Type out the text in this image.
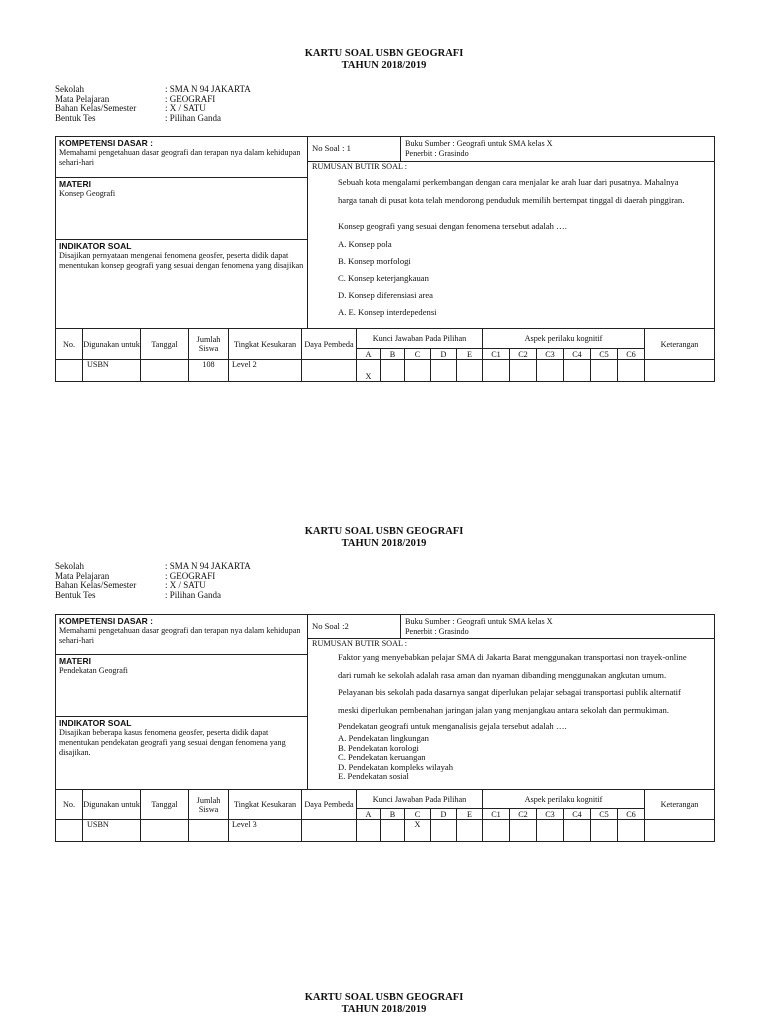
KARTU SOAL USBN GEOGRAFI
TAHUN 2018/2019
Sekolah	: SMA N 94 JAKARTA
Mata Pelajaran	: GEOGRAFI
Bahan Kelas/Semester	: X / SATU
Bentuk Tes	: Pilihan Ganda
KOMPETENSI DASAR :
Memahami pengetahuan dasar geografi dan terapan nya dalam kehidupan sehari-hari
MATERI
Konsep Geografi
INDIKATOR SOAL
Disajikan pernyataan mengenai fenomena geosfer, peserta didik dapat menentukan konsep geografi yang sesuai dengan fenomena yang disajikan
No Soal : 1	Buku Sumber : Geografi untuk SMA kelas X
Penerbit : Grasindo
RUMUSAN BUTIR SOAL :
Sebuah kota mengalami perkembangan dengan cara menjalar ke arah luar dari pusatnya. Mahalnya
harga tanah di pusat kota telah mendorong penduduk memilih bertempat tinggal di daerah pinggiran.
Konsep geografi yang sesuai dengan fenomena tersebut adalah ….
A. Konsep pola
B. Konsep morfologi
C. Konsep keterjangkauan
D. Konsep diferensiasi area
A. E. Konsep interdepedensi
No.	Digunakan untuk	Tanggal	Jumlah Siswa	Tingkat Kesukaran	Daya Pembeda	Kunci Jawaban Pada Pilihan					Aspek perilaku kognitif						Keterangan
						A	B	C	D	E	C1	C2	C3	C4	C5	C6	
	USBN		108	Level 2		X											
KARTU SOAL USBN GEOGRAFI
TAHUN 2018/2019
Sekolah	: SMA N 94 JAKARTA
Mata Pelajaran	: GEOGRAFI
Bahan Kelas/Semester	: X / SATU
Bentuk Tes	: Pilihan Ganda
KOMPETENSI DASAR :
Memahami pengetahuan dasar geografi dan terapan nya dalam kehidupan sehari-hari
MATERI
Pendekatan Geografi
INDIKATOR SOAL
Disajikan beberapa kasus fenomena geosfer, peserta didik dapat menentukan pendekatan geografi yang sesuai dengan fenomena yang disajikan.
No Soal :2	Buku Sumber : Geografi untuk SMA kelas X
Penerbit : Grasindo
RUMUSAN BUTIR SOAL :
Faktor yang menyebabkan pelajar SMA di Jakarta Barat menggunakan transportasi non trayek-online
dari rumah ke sekolah adalah rasa aman dan nyaman dibanding menggunakan angkutan umum.
Pelayanan bis sekolah pada dasarnya sangat diperlukan pelajar sebagai transportasi publik alternatif
meski diperlukan pembenahan jaringan jalan yang menjangkau antara sekolah dan permukiman.
Pendekatan geografi untuk menganalisis gejala tersebut adalah ….
A. Pendekatan lingkungan
B. Pendekatan korologi
C. Pendekatan keruangan
D. Pendekatan kompleks wilayah
E. Pendekatan sosial
No.	Digunakan untuk	Tanggal	Jumlah Siswa	Tingkat Kesukaran	Daya Pembeda	Kunci Jawaban Pada Pilihan					Aspek perilaku kognitif						Keterangan
						A	B	C	D	E	C1	C2	C3	C4	C5	C6	
	USBN			Level 3				X									
KARTU SOAL USBN GEOGRAFI
TAHUN 2018/2019
